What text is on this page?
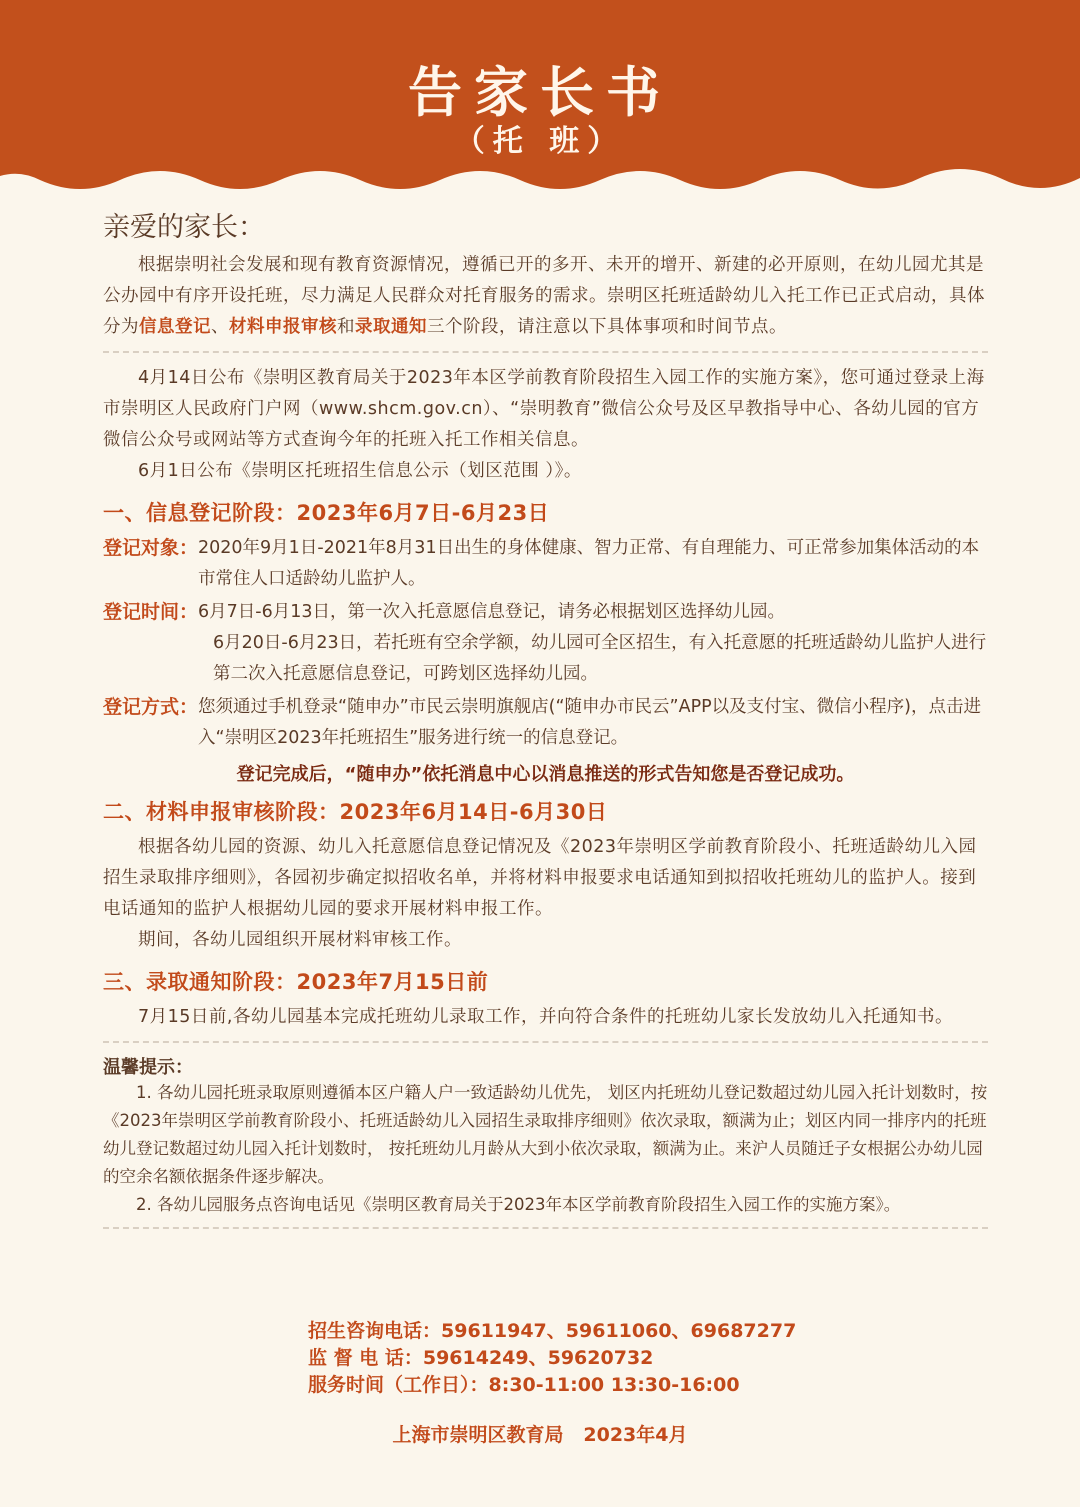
告家长书
（托 班）

亲爱的家长：

根据崇明社会发展和现有教育资源情况，遵循已开的多开、未开的增开、新建的必开原则，在幼儿园尤其是公办园中有序开设托班，尽力满足人民群众对托育服务的需求。崇明区托班适龄幼儿入托工作已正式启动，具体分为信息登记、材料申报审核和录取通知三个阶段，请注意以下具体事项和时间节点。

4月14日公布《崇明区教育局关于2023年本区学前教育阶段招生入园工作的实施方案》，您可通过登录上海市崇明区人民政府门户网（www.shcm.gov.cn）、“崇明教育”微信公众号及区早教指导中心、各幼儿园的官方微信公众号或网站等方式查询今年的托班入托工作相关信息。

6月1日公布《崇明区托班招生信息公示（划区范围 ）》。

一、信息登记阶段：2023年6月7日-6月23日
登记对象： 2020年9月1日-2021年8月31日出生的身体健康、智力正常、有自理能力、可正常参加集体活动的本市常住人口适龄幼儿监护人。
登记时间： 6月7日-6月13日，第一次入托意愿信息登记，请务必根据划区选择幼儿园。
6月20日-6月23日，若托班有空余学额，幼儿园可全区招生，有入托意愿的托班适龄幼儿监护人进行第二次入托意愿信息登记，可跨划区选择幼儿园。
登记方式： 您须通过手机登录“随申办”市民云崇明旗舰店(“随申办市民云”APP以及支付宝、微信小程序)，点击进入“崇明区2023年托班招生”服务进行统一的信息登记。
登记完成后，“随申办”依托消息中心以消息推送的形式告知您是否登记成功。
二、材料申报审核阶段：2023年6月14日-6月30日

根据各幼儿园的资源、幼儿入托意愿信息登记情况及《2023年崇明区学前教育阶段小、托班适龄幼儿入园招生录取排序细则》，各园初步确定拟招收名单，并将材料申报要求电话通知到拟招收托班幼儿的监护人。接到电话通知的监护人根据幼儿园的要求开展材料申报工作。

期间，各幼儿园组织开展材料审核工作。

三、录取通知阶段：2023年7月15日前

7月15日前,各幼儿园基本完成托班幼儿录取工作，并向符合条件的托班幼儿家长发放幼儿入托通知书。

温馨提示：

1. 各幼儿园托班录取原则遵循本区户籍人户一致适龄幼儿优先， 划区内托班幼儿登记数超过幼儿园入托计划数时，按《2023年崇明区学前教育阶段小、托班适龄幼儿入园招生录取排序细则》依次录取，额满为止；划区内同一排序内的托班幼儿登记数超过幼儿园入托计划数时， 按托班幼儿月龄从大到小依次录取，额满为止。来沪人员随迁子女根据公办幼儿园的空余名额依据条件逐步解决。

2. 各幼儿园服务点咨询电话见《崇明区教育局关于2023年本区学前教育阶段招生入园工作的实施方案》。

招生咨询电话：59611947、59611060、69687277
监 督 电 话：59614249、59620732
服务时间（工作日）：8:30-11:00 13:30-16:00
上海市崇明区教育局 2023年4月
